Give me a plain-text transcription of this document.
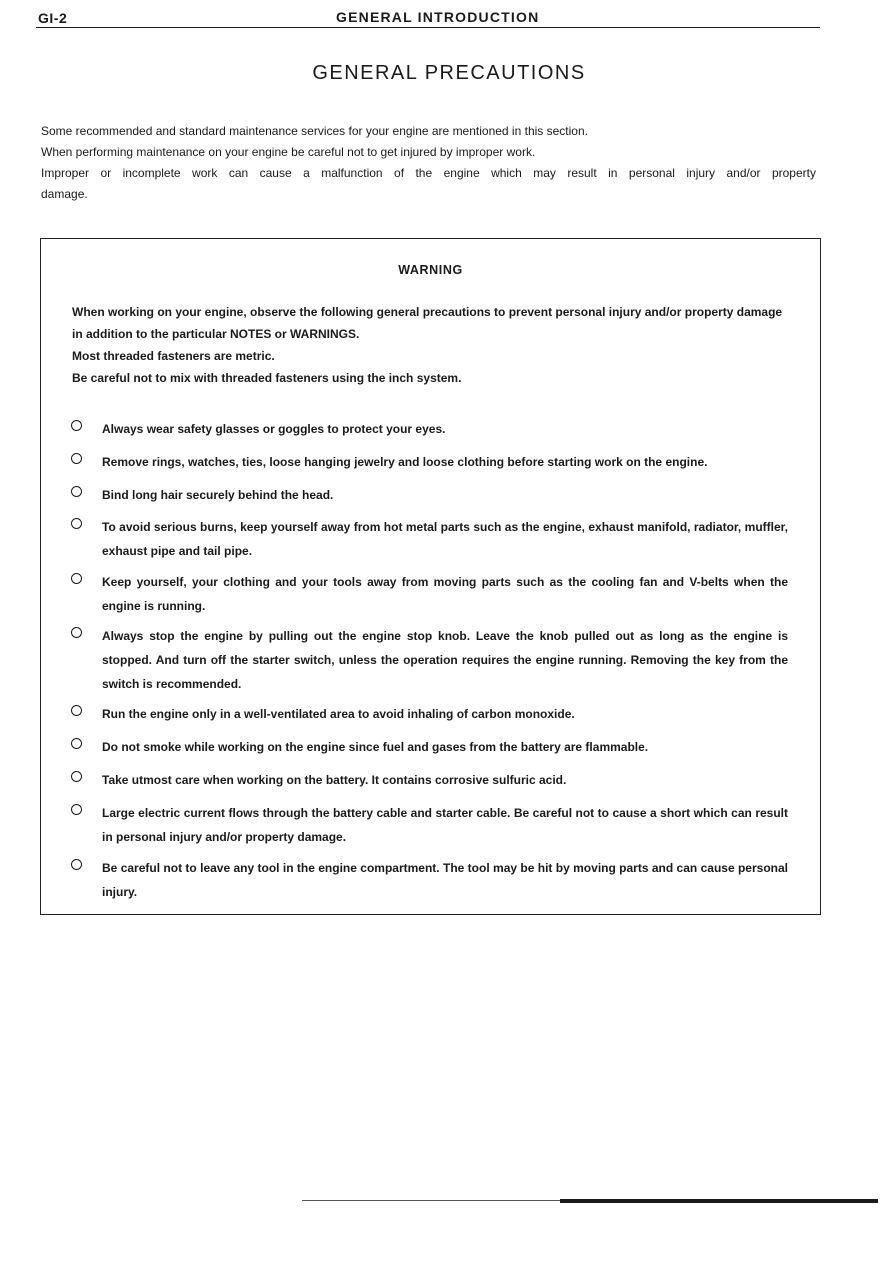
GI-2	GENERAL INTRODUCTION
GENERAL PRECAUTIONS

Some recommended and standard maintenance services for your engine are mentioned in this section.

When performing maintenance on your engine be careful not to get injured by improper work.

Improper or incomplete work can cause a malfunction of the engine which may result in personal injury and/or property

damage.

WARNING

When working on your engine, observe the following general precautions to prevent personal injury and/or property damage in addition to the particular NOTES or WARNINGS.

Most threaded fasteners are metric.

Be careful not to mix with threaded fasteners using the inch system.

Always wear safety glasses or goggles to protect your eyes.
Remove rings, watches, ties, loose hanging jewelry and loose clothing before starting work on the engine.
Bind long hair securely behind the head.
To avoid serious burns, keep yourself away from hot metal parts such as the engine, exhaust manifold, radiator, muffler, exhaust pipe and tail pipe.
Keep yourself, your clothing and your tools away from moving parts such as the cooling fan and V-belts when the engine is running.
Always stop the engine by pulling out the engine stop knob. Leave the knob pulled out as long as the engine is stopped. And turn off the starter switch, unless the operation requires the engine running. Removing the key from the switch is recommended.
Run the engine only in a well-ventilated area to avoid inhaling of carbon monoxide.
Do not smoke while working on the engine since fuel and gases from the battery are flammable.
Take utmost care when working on the battery. It contains corrosive sulfuric acid.
Large electric current flows through the battery cable and starter cable. Be careful not to cause a short which can result in personal injury and/or property damage.
Be careful not to leave any tool in the engine compartment. The tool may be hit by moving parts and can cause personal injury.
